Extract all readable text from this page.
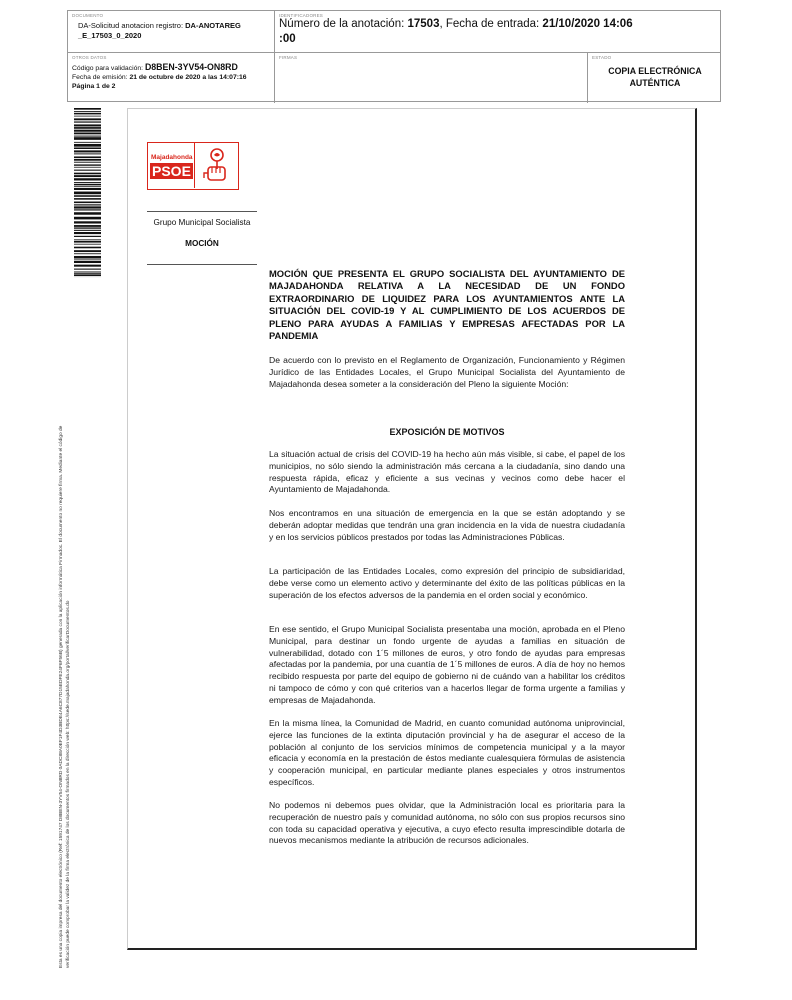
DOCUMENTO
DA-Solicitud anotacion registro: DA-ANOTAREG
_E_17503_0_2020
IDENTIFICADORES
Número de la anotación: 17503, Fecha de entrada: 21/10/2020 14:06
:00
OTROS DATOS
Código para validación: D8BEN-3YV54-ON8RD
Fecha de emisión: 21 de octubre de 2020 a las 14:07:16
Página 1 de 2
FIRMAS	ESTADO
COPIA ELECTRÓNICA AUTÉNTICA
Esta es una copia impresa del documento electrónico (Ref: 1591747 D8BEN-3YV54-ON8RD 0ADC88A0EF1F4D3BDE4A6C877D15EDFE24F6F56B) generada con la aplicación informática Firmadoc. El documento no requiere firma. Mediante el código de verificación puede comprobar la validez de la firma electrónica de los documentos firmados en la dirección web: https://sede.majadahonda.org/portal/verificarDocumentos.do
Majadahonda
PSOE
Grupo Municipal Socialista
MOCIÓN
MOCIÓN QUE PRESENTA EL GRUPO SOCIALISTA DEL AYUNTAMIENTO DE MAJADAHONDA RELATIVA A LA NECESIDAD DE UN FONDO EXTRAORDINARIO DE LIQUIDEZ PARA LOS AYUNTAMIENTOS ANTE LA SITUACIÓN DEL COVID-19 Y AL CUMPLIMIENTO DE LOS ACUERDOS DE PLENO PARA AYUDAS A FAMILIAS Y EMPRESAS AFECTADAS POR LA PANDEMIA
De acuerdo con lo previsto en el Reglamento de Organización, Funcionamiento y Régimen Jurídico de las Entidades Locales, el Grupo Municipal Socialista del Ayuntamiento de Majadahonda desea someter a la consideración del Pleno la siguiente Moción:
EXPOSICIÓN DE MOTIVOS
La situación actual de crisis del COVID-19 ha hecho aún más visible, si cabe, el papel de los municipios, no sólo siendo la administración más cercana a la ciudadanía, sino dando una respuesta rápida, eficaz y eficiente a sus vecinas y vecinos como debe hacer el Ayuntamiento de Majadahonda.
Nos encontramos en una situación de emergencia en la que se están adoptando y se deberán adoptar medidas que tendrán una gran incidencia en la vida de nuestra ciudadanía y en los servicios públicos prestados por todas las Administraciones Públicas.
La participación de las Entidades Locales, como expresión del principio de subsidiaridad, debe verse como un elemento activo y determinante del éxito de las políticas públicas en la superación de los efectos adversos de la pandemia en el orden social y económico.
En ese sentido, el Grupo Municipal Socialista presentaba una moción, aprobada en el Pleno Municipal, para destinar un fondo urgente de ayudas a familias en situación de vulnerabilidad, dotado con 1´5 millones de euros, y otro fondo de ayudas para empresas afectadas por la pandemia, por una cuantía de 1´5 millones de euros. A día de hoy no hemos recibido respuesta por parte del equipo de gobierno ni de cuándo van a habilitar los créditos ni tampoco de cómo y con qué criterios van a hacerlos llegar de forma urgente a familias y empresas de Majadahonda.
En la misma línea, la Comunidad de Madrid, en cuanto comunidad autónoma uniprovincial, ejerce las funciones de la extinta diputación provincial y ha de asegurar el acceso de la población al conjunto de los servicios mínimos de competencia municipal y a la mayor eficacia y economía en la prestación de éstos mediante cualesquiera fórmulas de asistencia y cooperación municipal, en particular mediante planes especiales y otros instrumentos específicos.
No podemos ni debemos pues olvidar, que la Administración local es prioritaria para la recuperación de nuestro país y comunidad autónoma, no sólo con sus propios recursos sino con toda su capacidad operativa y ejecutiva, a cuyo efecto resulta imprescindible dotarla de nuevos mecanismos mediante la atribución de recursos adicionales.
